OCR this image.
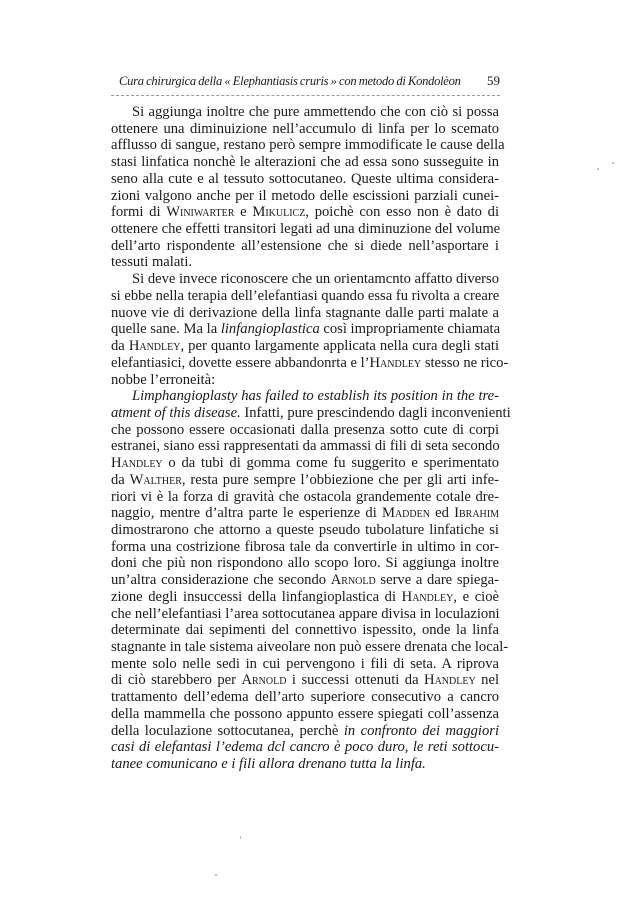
Cura chirurgica della « Elephantiasis cruris » con metodo di Kondolèon 59
Si aggiunga inoltre che pure ammettendo che con ciò si possa
ottenere una diminuizione nell’accumulo di linfa per lo scemato
afflusso di sangue, restano però sempre immodificate le cause della
stasi linfatica nonchè le alterazioni che ad essa sono susseguite in
seno alla cute e al tessuto sottocutaneo. Queste ultima considera-
zioni valgono anche per il metodo delle escissioni parziali cunei-
formi di Winiwarter e Mikulicz, poichè con esso non è dato di
ottenere che effetti transitori legati ad una diminuzione del volume
dell’arto rispondente all’estensione che si diede nell’asportare i
tessuti malati.
Si deve invece riconoscere che un orientamcnto affatto diverso
si ebbe nella terapia dell’elefantiasi quando essa fu rivolta a creare
nuove vie di derivazione della linfa stagnante dalle parti malate a
quelle sane. Ma la linfangioplastica così impropriamente chiamata
da Handley, per quanto largamente applicata nella cura degli stati
elefantiasici, dovette essere abbandonrta e l’Handley stesso ne rico-
nobbe l’erroneità:
Limphangioplasty has failed to establish its position in the tre-
atment of this disease. Infatti, pure prescindendo dagli inconvenienti
che possono essere occasionati dalla presenza sotto cute di corpi
estranei, siano essi rappresentati da ammassi di fili di seta secondo
Handley o da tubi di gomma come fu suggerito e sperimentato
da Walther, resta pure sempre l’obbiezione che per gli arti infe-
riori vi è la forza di gravità che ostacola grandemente cotale dre-
naggio, mentre d’altra parte le esperienze di Madden ed Ibrahim
dimostrarono che attorno a queste pseudo tubolature linfatiche si
forma una costrizione fibrosa tale da convertirle in ultimo in cor-
doni che più non rispondono allo scopo loro. Si aggiunga inoltre
un’altra considerazione che secondo Arnold serve a dare spiega-
zione degli insuccessi della linfangioplastica di Handley, e cioè
che nell’elefantiasi l’area sottocutanea appare divisa in loculazioni
determinate dai sepimenti del connettivo ispessito, onde la linfa
stagnante in tale sistema aiveolare non può essere drenata che local-
mente solo nelle sedi in cui pervengono i fili di seta. A riprova
di ciò starebbero per Arnold i successi ottenuti da Handley nel
trattamento dell’edema dell’arto superiore consecutivo a cancro
della mammella che possono appunto essere spiegati coll’assenza
della loculazione sottocutanea, perchè in confronto dei maggiori
casi di elefantasi l’edema dcl cancro è poco duro, le reti sottocu-
tanee comunicano e i fili allora drenano tutta la linfa.
